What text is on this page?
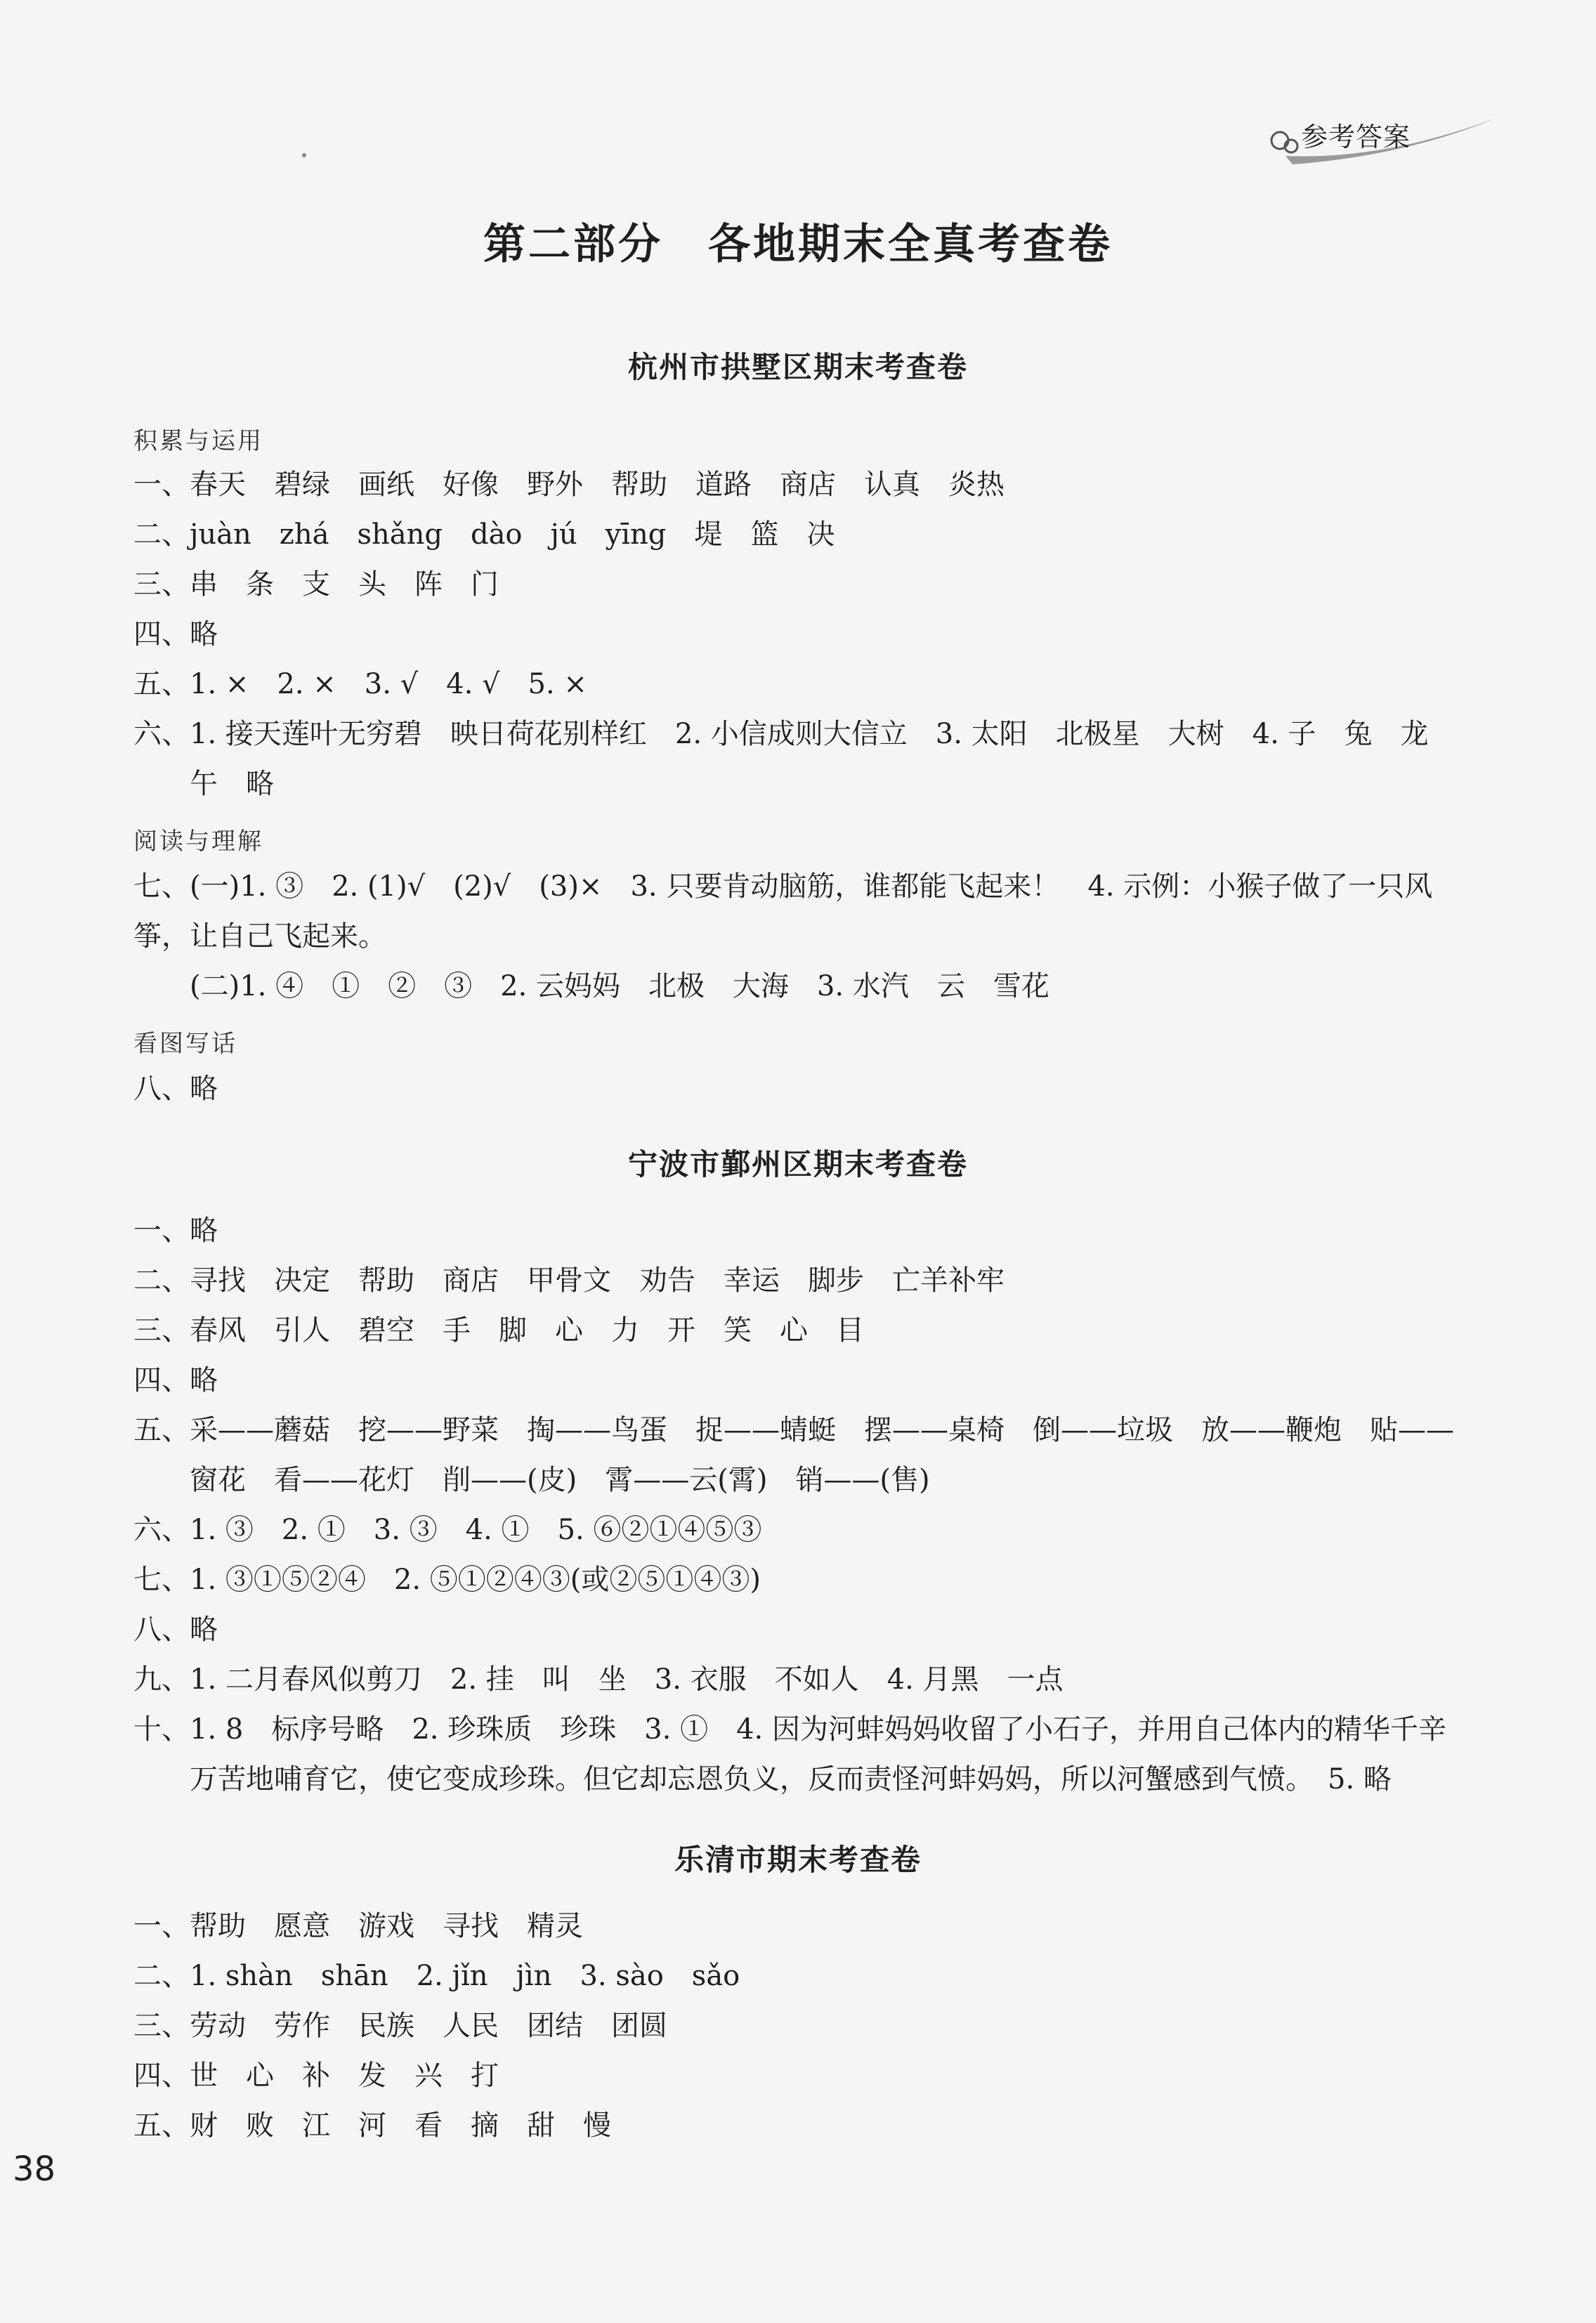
参考答案
第二部分　各地期末全真考查卷
杭州市拱墅区期末考查卷
积累与运用
一、春天　碧绿　画纸　好像　野外　帮助　道路　商店　认真　炎热
二、juàn　zhá　shǎng　dào　jú　yīng　堤　篮　决
三、串　条　支　头　阵　门
四、略
五、1. ×　2. ×　3. √　4. √　5. ×
六、1. 接天莲叶无穷碧　映日荷花别样红　2. 小信成则大信立　3. 太阳　北极星　大树　4. 子　兔　龙
　　午　略
阅读与理解
七、(一)1. ③　2. (1)√　(2)√　(3)×　3. 只要肯动脑筋，谁都能飞起来！　4. 示例：小猴子做了一只风
筝，让自己飞起来。
　　(二)1. ④　①　②　③　2. 云妈妈　北极　大海　3. 水汽　云　雪花
看图写话
八、略
宁波市鄞州区期末考查卷
一、略
二、寻找　决定　帮助　商店　甲骨文　劝告　幸运　脚步　亡羊补牢
三、春风　引人　碧空　手　脚　心　力　开　笑　心　目
四、略
五、采——蘑菇　挖——野菜　掏——鸟蛋　捉——蜻蜓　摆——桌椅　倒——垃圾　放——鞭炮　贴——
　　窗花　看——花灯　削——(皮)　霄——云(霄)　销——(售)
六、1. ③　2. ①　3. ③　4. ①　5. ⑥②①④⑤③
七、1. ③①⑤②④　2. ⑤①②④③(或②⑤①④③)
八、略
九、1. 二月春风似剪刀　2. 挂　叫　坐　3. 衣服　不如人　4. 月黑　一点
十、1. 8　标序号略　2. 珍珠质　珍珠　3. ①　4. 因为河蚌妈妈收留了小石子，并用自己体内的精华千辛
　　万苦地哺育它，使它变成珍珠。但它却忘恩负义，反而责怪河蚌妈妈，所以河蟹感到气愤。　5. 略
乐清市期末考查卷
一、帮助　愿意　游戏　寻找　精灵
二、1. shàn　shān　2. jǐn　jìn　3. sào　sǎo
三、劳动　劳作　民族　人民　团结　团圆
四、世　心　补　发　兴　打
五、财　败　江　河　看　摘　甜　慢
38
